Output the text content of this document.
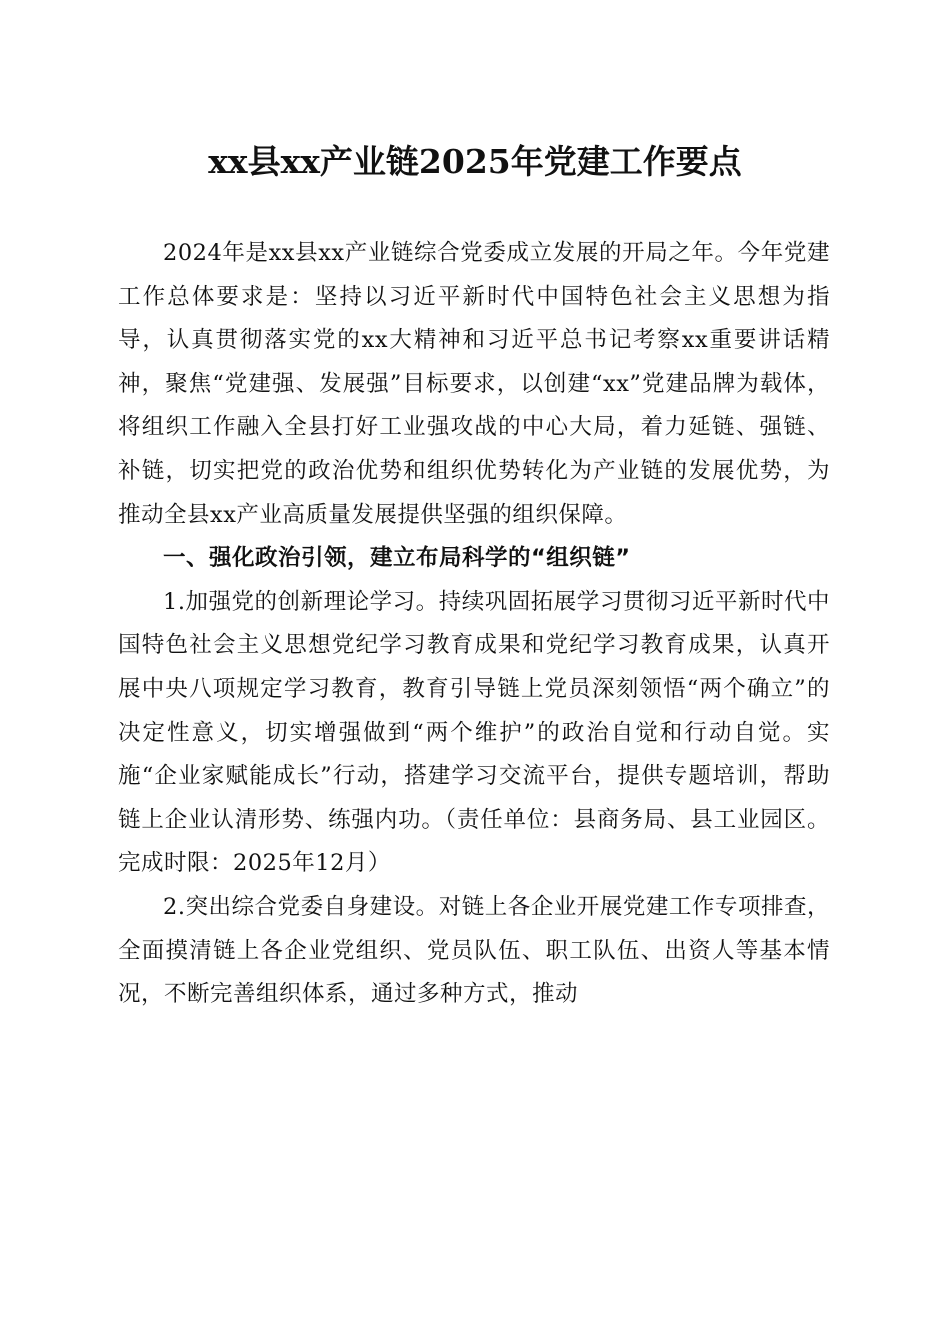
xx县xx产业链2025年党建工作要点

2024年是xx县xx产业链综合党委成立发展的开局之年。今年党建工作总体要求是：坚持以习近平新时代中国特色社会主义思想为指导，认真贯彻落实党的xx大精神和习近平总书记考察xx重要讲话精神，聚焦“党建强、发展强”目标要求，以创建“xx”党建品牌为载体，将组织工作融入全县打好工业强攻战的中心大局，着力延链、强链、补链，切实把党的政治优势和组织优势转化为产业链的发展优势，为推动全县xx产业高质量发展提供坚强的组织保障。

一、强化政治引领，建立布局科学的“组织链”

1.加强党的创新理论学习。持续巩固拓展学习贯彻习近平新时代中国特色社会主义思想党纪学习教育成果和党纪学习教育成果，认真开展中央八项规定学习教育，教育引导链上党员深刻领悟“两个确立”的决定性意义，切实增强做到“两个维护”的政治自觉和行动自觉。实施“企业家赋能成长”行动，搭建学习交流平台，提供专题培训，帮助链上企业认清形势、练强内功。（责任单位：县商务局、县工业园区。完成时限：2025年12月）

2.突出综合党委自身建设。对链上各企业开展党建工作专项排查，全面摸清链上各企业党组织、党员队伍、职工队伍、出资人等基本情况，不断完善组织体系，通过多种方式，推动
